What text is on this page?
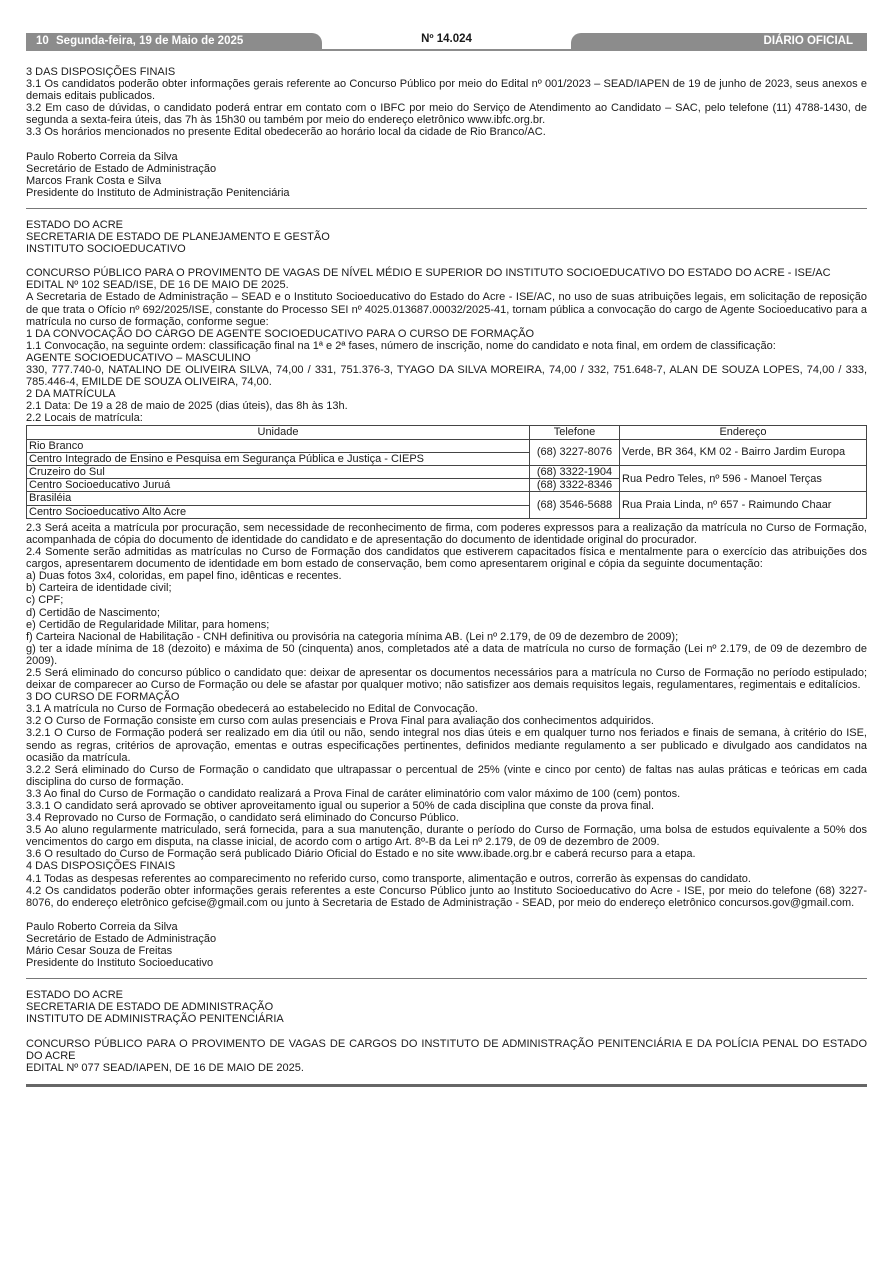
10 Segunda-feira, 19 de Maio de 2025	Nº 14.024	DIÁRIO OFICIAL

3 DAS DISPOSIÇÕES FINAIS

3.1 Os candidatos poderão obter informações gerais referente ao Concurso Público por meio do Edital nº 001/2023 – SEAD/IAPEN de 19 de junho de 2023, seus anexos e demais editais publicados.

3.2 Em caso de dúvidas, o candidato poderá entrar em contato com o IBFC por meio do Serviço de Atendimento ao Candidato – SAC, pelo telefone (11) 4788-1430, de segunda a sexta-feira úteis, das 7h às 15h30 ou também por meio do endereço eletrônico www.ibfc.org.br.

3.3 Os horários mencionados no presente Edital obedecerão ao horário local da cidade de Rio Branco/AC.

Paulo Roberto Correia da Silva

Secretário de Estado de Administração

Marcos Frank Costa e Silva

Presidente do Instituto de Administração Penitenciária

ESTADO DO ACRE

SECRETARIA DE ESTADO DE PLANEJAMENTO E GESTÃO

INSTITUTO SOCIOEDUCATIVO

CONCURSO PÚBLICO PARA O PROVIMENTO DE VAGAS DE NÍVEL MÉDIO E SUPERIOR DO INSTITUTO SOCIOEDUCATIVO DO ESTADO DO ACRE - ISE/AC

EDITAL Nº 102 SEAD/ISE, DE 16 DE MAIO DE 2025.

A Secretaria de Estado de Administração – SEAD e o Instituto Socioeducativo do Estado do Acre - ISE/AC, no uso de suas atribuições legais, em solicitação de reposição de que trata o Ofício nº 692/2025/ISE, constante do Processo SEI nº 4025.013687.00032/2025-41, tornam pública a convocação do cargo de Agente Socioeducativo para a matrícula no curso de formação, conforme segue:

1 DA CONVOCAÇÃO DO CARGO DE AGENTE SOCIOEDUCATIVO PARA O CURSO DE FORMAÇÃO

1.1 Convocação, na seguinte ordem: classificação final na 1ª e 2ª fases, número de inscrição, nome do candidato e nota final, em ordem de classificação:

AGENTE SOCIOEDUCATIVO – MASCULINO

330, 777.740-0, NATALINO DE OLIVEIRA SILVA, 74,00 / 331, 751.376-3, TYAGO DA SILVA MOREIRA, 74,00 / 332, 751.648-7, ALAN DE SOUZA LOPES, 74,00 / 333, 785.446-4, EMILDE DE SOUZA OLIVEIRA, 74,00.

2 DA MATRÍCULA

2.1 Data: De 19 a 28 de maio de 2025 (dias úteis), das 8h às 13h.

2.2 Locais de matrícula:

Unidade	Telefone	Endereço
Rio Branco	(68) 3227-8076	Verde, BR 364, KM 02 - Bairro Jardim Europa
Centro Integrado de Ensino e Pesquisa em Segurança Pública e Justiça - CIEPS		
Cruzeiro do Sul	(68) 3322-1904	Rua Pedro Teles, nº 596 - Manoel Terças
Centro Socioeducativo Juruá	(68) 3322-8346	
Brasiléia	(68) 3546-5688	Rua Praia Linda, nº 657 - Raimundo Chaar
Centro Socioeducativo Alto Acre		

2.3 Será aceita a matrícula por procuração, sem necessidade de reconhecimento de firma, com poderes expressos para a realização da matrícula no Curso de Formação, acompanhada de cópia do documento de identidade do candidato e de apresentação do documento de identidade original do procurador.

2.4 Somente serão admitidas as matrículas no Curso de Formação dos candidatos que estiverem capacitados física e mentalmente para o exercício das atribuições dos cargos, apresentarem documento de identidade em bom estado de conservação, bem como apresentarem original e cópia da seguinte documentação:

a) Duas fotos 3x4, coloridas, em papel fino, idênticas e recentes.

b) Carteira de identidade civil;

c) CPF;

d) Certidão de Nascimento;

e) Certidão de Regularidade Militar, para homens;

f) Carteira Nacional de Habilitação - CNH definitiva ou provisória na categoria mínima AB. (Lei nº 2.179, de 09 de dezembro de 2009);

g) ter a idade mínima de 18 (dezoito) e máxima de 50 (cinquenta) anos, completados até a data de matrícula no curso de formação (Lei nº 2.179, de 09 de dezembro de 2009).

2.5 Será eliminado do concurso público o candidato que: deixar de apresentar os documentos necessários para a matrícula no Curso de Formação no período estipulado; deixar de comparecer ao Curso de Formação ou dele se afastar por qualquer motivo; não satisfizer aos demais requisitos legais, regulamentares, regimentais e editalícios.

3 DO CURSO DE FORMAÇÃO

3.1 A matrícula no Curso de Formação obedecerá ao estabelecido no Edital de Convocação.

3.2 O Curso de Formação consiste em curso com aulas presenciais e Prova Final para avaliação dos conhecimentos adquiridos.

3.2.1 O Curso de Formação poderá ser realizado em dia útil ou não, sendo integral nos dias úteis e em qualquer turno nos feriados e finais de semana, à critério do ISE, sendo as regras, critérios de aprovação, ementas e outras especificações pertinentes, definidos mediante regulamento a ser publicado e divulgado aos candidatos na ocasião da matrícula.

3.2.2 Será eliminado do Curso de Formação o candidato que ultrapassar o percentual de 25% (vinte e cinco por cento) de faltas nas aulas práticas e teóricas em cada disciplina do curso de formação.

3.3 Ao final do Curso de Formação o candidato realizará a Prova Final de caráter eliminatório com valor máximo de 100 (cem) pontos.

3.3.1 O candidato será aprovado se obtiver aproveitamento igual ou superior a 50% de cada disciplina que conste da prova final.

3.4 Reprovado no Curso de Formação, o candidato será eliminado do Concurso Público.

3.5 Ao aluno regularmente matriculado, será fornecida, para a sua manutenção, durante o período do Curso de Formação, uma bolsa de estudos equivalente a 50% dos vencimentos do cargo em disputa, na classe inicial, de acordo com o artigo Art. 8º-B da Lei nº 2.179, de 09 de dezembro de 2009.

3.6 O resultado do Curso de Formação será publicado Diário Oficial do Estado e no site www.ibade.org.br e caberá recurso para a etapa.

4 DAS DISPOSIÇÕES FINAIS

4.1 Todas as despesas referentes ao comparecimento no referido curso, como transporte, alimentação e outros, correrão às expensas do candidato.

4.2 Os candidatos poderão obter informações gerais referentes a este Concurso Público junto ao Instituto Socioeducativo do Acre - ISE, por meio do telefone (68) 3227-8076, do endereço eletrônico gefcise@gmail.com ou junto à Secretaria de Estado de Administração - SEAD, por meio do endereço eletrônico concursos.gov@gmail.com.

Paulo Roberto Correia da Silva

Secretário de Estado de Administração

Mário Cesar Souza de Freitas

Presidente do Instituto Socioeducativo

ESTADO DO ACRE

SECRETARIA DE ESTADO DE ADMINISTRAÇÃO

INSTITUTO DE ADMINISTRAÇÃO PENITENCIÁRIA

CONCURSO PÚBLICO PARA O PROVIMENTO DE VAGAS DE CARGOS DO INSTITUTO DE ADMINISTRAÇÃO PENITENCIÁRIA E DA POLÍCIA PENAL DO ESTADO DO ACRE

EDITAL Nº 077 SEAD/IAPEN, DE 16 DE MAIO DE 2025.
